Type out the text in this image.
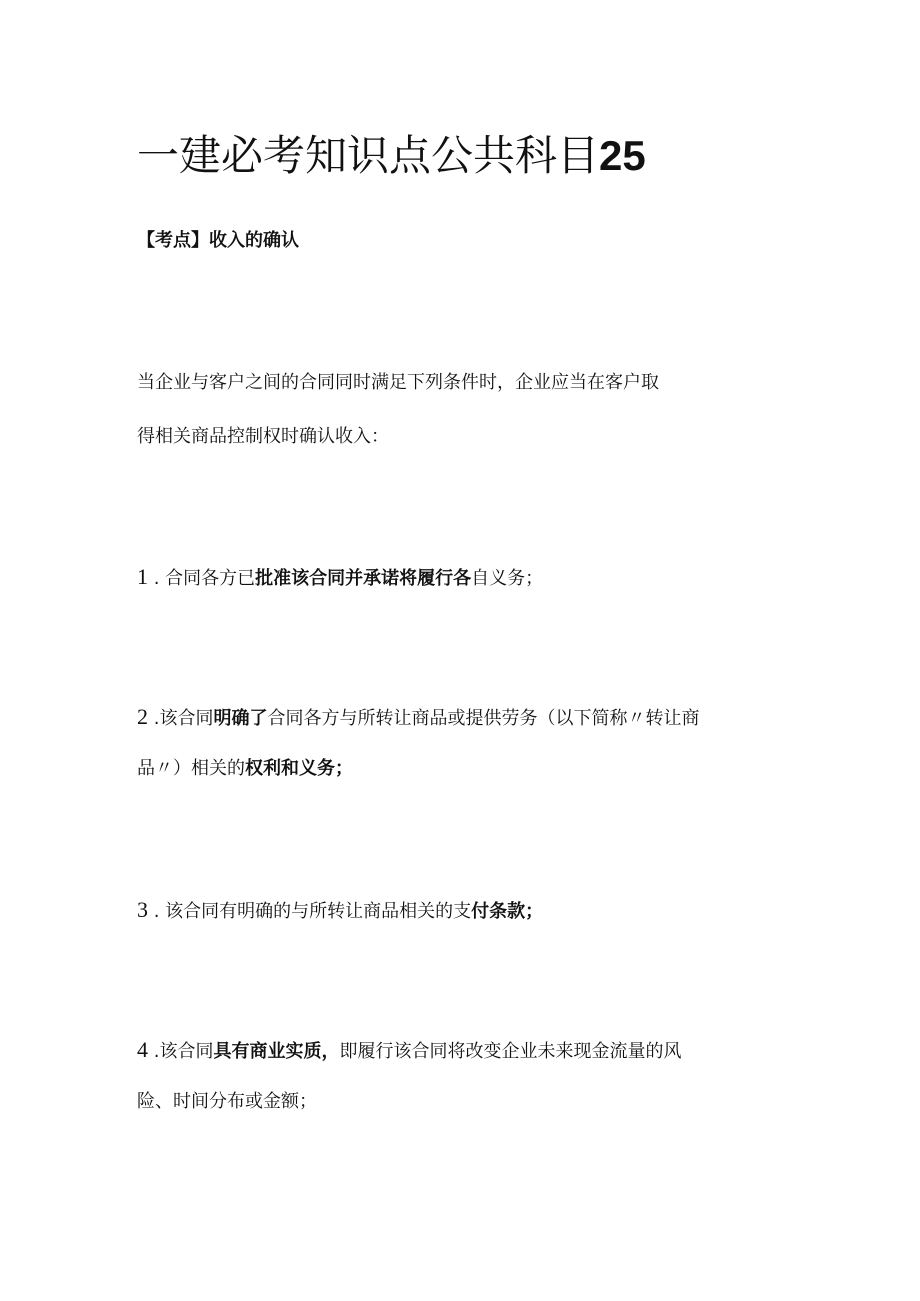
一建必考知识点公共科目25
【考点】收入的确认
当企业与客户之间的合同同时满足下列条件时，企业应当在客户取
得相关商品控制权时确认收入：
1 . 合同各方已批准该合同并承诺将履行各自义务；
2 .该合同明确了合同各方与所转让商品或提供劳务（以下简称〃转让商
品〃）相关的权利和义务；
3 . 该合同有明确的与所转让商品相关的支付条款；
4 .该合同具有商业实质，即履行该合同将改变企业未来现金流量的风
险、时间分布或金额；
